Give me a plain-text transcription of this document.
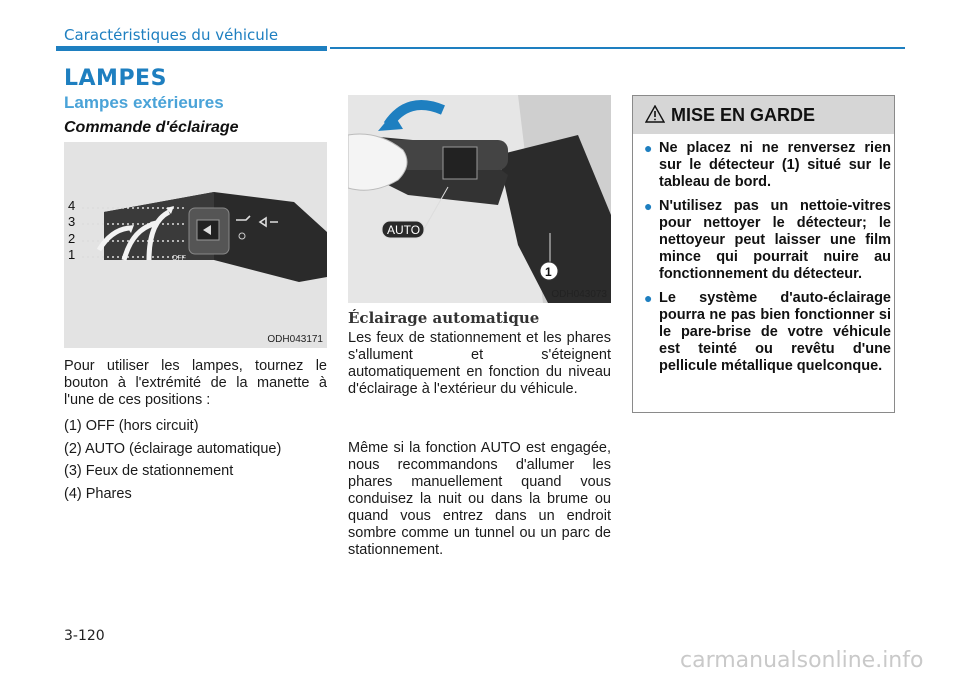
Caractéristiques du véhicule
LAMPES
Lampes extérieures
Commande d'éclairage
OFF
4
3
2
1
ODH043171
AUTO
1
ODH043073
Pour utiliser les lampes, tournez le bouton à l'extrémité de la manette à l'une de ces positions :
(1) OFF (hors circuit)
(2) AUTO (éclairage automatique)
(3) Feux de stationnement
(4) Phares
Éclairage automatique
Les feux de stationnement et les phares s'allument et s'éteignent automatiquement en fonction du niveau d'éclairage à l'extérieur du véhicule.
Même si la fonction AUTO est engagée, nous recommandons d'allumer les phares manuellement quand vous conduisez la nuit ou dans la brume ou quand vous entrez dans un endroit sombre comme un tunnel ou un parc de stationnement.
MISE EN GARDE
● Ne placez ni ne renversez rien sur le détecteur (1) situé sur le tableau de bord.
● N'utilisez pas un nettoie-vitres pour nettoyer le détecteur; le nettoyeur peut laisser une film mince qui pourrait nuire au fonctionnement du détecteur.
● Le système d'auto-éclairage pourra ne pas bien fonctionner si le pare-brise de votre véhicule est teinté ou revêtu d'une pellicule métallique quelconque.
3-120
carmanualsonline.info
